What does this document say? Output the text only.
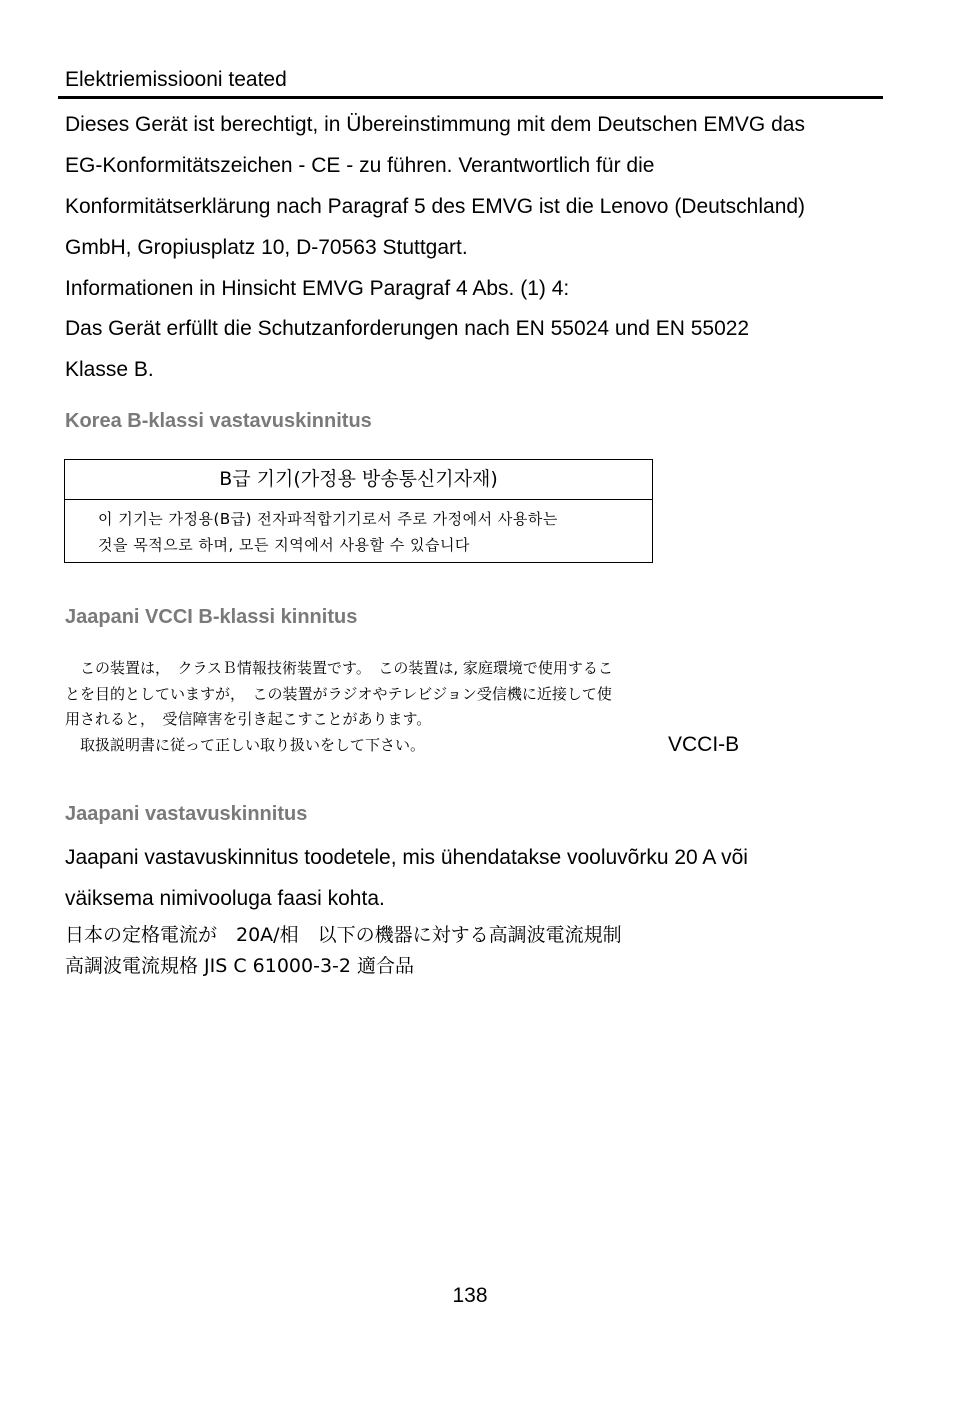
Elektriemissiooni teated
Dieses Gerät ist berechtigt, in Übereinstimmung mit dem Deutschen EMVG das
EG-Konformitätszeichen - CE - zu führen. Verantwortlich für die
Konformitätserklärung nach Paragraf 5 des EMVG ist die Lenovo (Deutschland)
GmbH, Gropiusplatz 10, D-70563 Stuttgart.
Informationen in Hinsicht EMVG Paragraf 4 Abs. (1) 4:
Das Gerät erfüllt die Schutzanforderungen nach EN 55024 und EN 55022
Klasse B.
Korea B-klassi vastavuskinnitus
B급 기기(가정용 방송통신기자재)
이 기기는 가정용(B급) 전자파적합기기로서 주로 가정에서 사용하는
것을 목적으로 하며, 모든 지역에서 사용할 수 있습니다
Jaapani VCCI B-klassi kinnitus
　この装置は，　クラスＢ情報技術装置です。　この装置は, 家庭環境で使用するこ
とを目的としていますが，　この装置がラジオやテレビジョン受信機に近接して使
用されると，　受信障害を引き起こすことがあります。
　取扱説明書に従って正しい取り扱いをして下さい。	VCCI-B
Jaapani vastavuskinnitus
Jaapani vastavuskinnitus toodetele, mis ühendatakse vooluvõrku 20 A või
väiksema nimivooluga faasi kohta.
日本の定格電流が　20A/相　以下の機器に対する高調波電流規制
高調波電流規格 JIS C 61000-3-2 適合品
138
